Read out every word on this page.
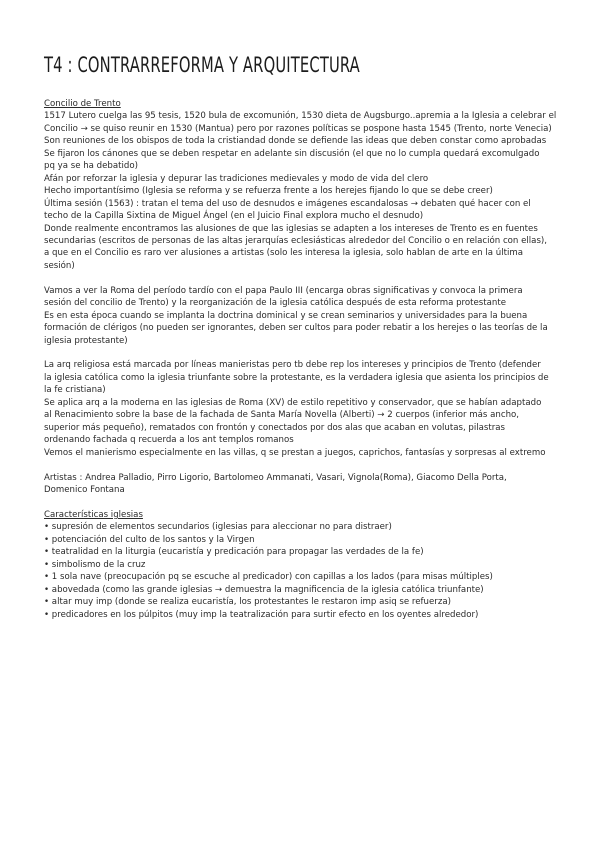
T4 : CONTRARREFORMA Y ARQUITECTURA
Concilio de Trento
1517 Lutero cuelga las 95 tesis, 1520 bula de excomunión, 1530 dieta de Augsburgo..apremia a la Iglesia a celebrar el
Concilio → se quiso reunir en 1530 (Mantua) pero por razones políticas se pospone hasta 1545 (Trento, norte Venecia)
Son reuniones de los obispos de toda la cristiandad donde se defiende las ideas que deben constar como aprobadas
Se fijaron los cánones que se deben respetar en adelante sin discusión (el que no lo cumpla quedará excomulgado
pq ya se ha debatido)
Afán por reforzar la iglesia y depurar las tradiciones medievales y modo de vida del clero
Hecho importantísimo (Iglesia se reforma y se refuerza frente a los herejes fijando lo que se debe creer)
Última sesión (1563) : tratan el tema del uso de desnudos e imágenes escandalosas → debaten qué hacer con el
techo de la Capilla Sixtina de Miguel Ángel (en el Juicio Final explora mucho el desnudo)
Donde realmente encontramos las alusiones de que las iglesias se adapten a los intereses de Trento es en fuentes
secundarias (escritos de personas de las altas jerarquías eclesiásticas alrededor del Concilio o en relación con ellas),
a que en el Concilio es raro ver alusiones a artistas (solo les interesa la iglesia, solo hablan de arte en la última
sesión)
Vamos a ver la Roma del período tardío con el papa Paulo III (encarga obras significativas y convoca la primera
sesión del concilio de Trento) y la reorganización de la iglesia católica después de esta reforma protestante
Es en esta época cuando se implanta la doctrina dominical y se crean seminarios y universidades para la buena
formación de clérigos (no pueden ser ignorantes, deben ser cultos para poder rebatir a los herejes o las teorías de la
iglesia protestante)
La arq religiosa está marcada por líneas manieristas pero tb debe rep los intereses y principios de Trento (defender
la iglesia católica como la iglesia triunfante sobre la protestante, es la verdadera iglesia que asienta los principios de
la fe cristiana)
Se aplica arq a la moderna en las iglesias de Roma (XV) de estilo repetitivo y conservador, que se habían adaptado
al Renacimiento sobre la base de la fachada de Santa María Novella (Alberti) → 2 cuerpos (inferior más ancho,
superior más pequeño), rematados con frontón y conectados por dos alas que acaban en volutas, pilastras
ordenando fachada q recuerda a los ant templos romanos
Vemos el manierismo especialmente en las villas, q se prestan a juegos, caprichos, fantasías y sorpresas al extremo
Artistas : Andrea Palladio, Pirro Ligorio, Bartolomeo Ammanati, Vasari, Vignola(Roma), Giacomo Della Porta,
Domenico Fontana
Características iglesias
• supresión de elementos secundarios (iglesias para aleccionar no para distraer)
• potenciación del culto de los santos y la Virgen
• teatralidad en la liturgia (eucaristía y predicación para propagar las verdades de la fe)
• simbolismo de la cruz
• 1 sola nave (preocupación pq se escuche al predicador) con capillas a los lados (para misas múltiples)
• abovedada (como las grande iglesias → demuestra la magnificencia de la iglesia católica triunfante)
• altar muy imp (donde se realiza eucaristía, los protestantes le restaron imp asiq se refuerza)
• predicadores en los púlpitos (muy imp la teatralización para surtir efecto en los oyentes alrededor)
